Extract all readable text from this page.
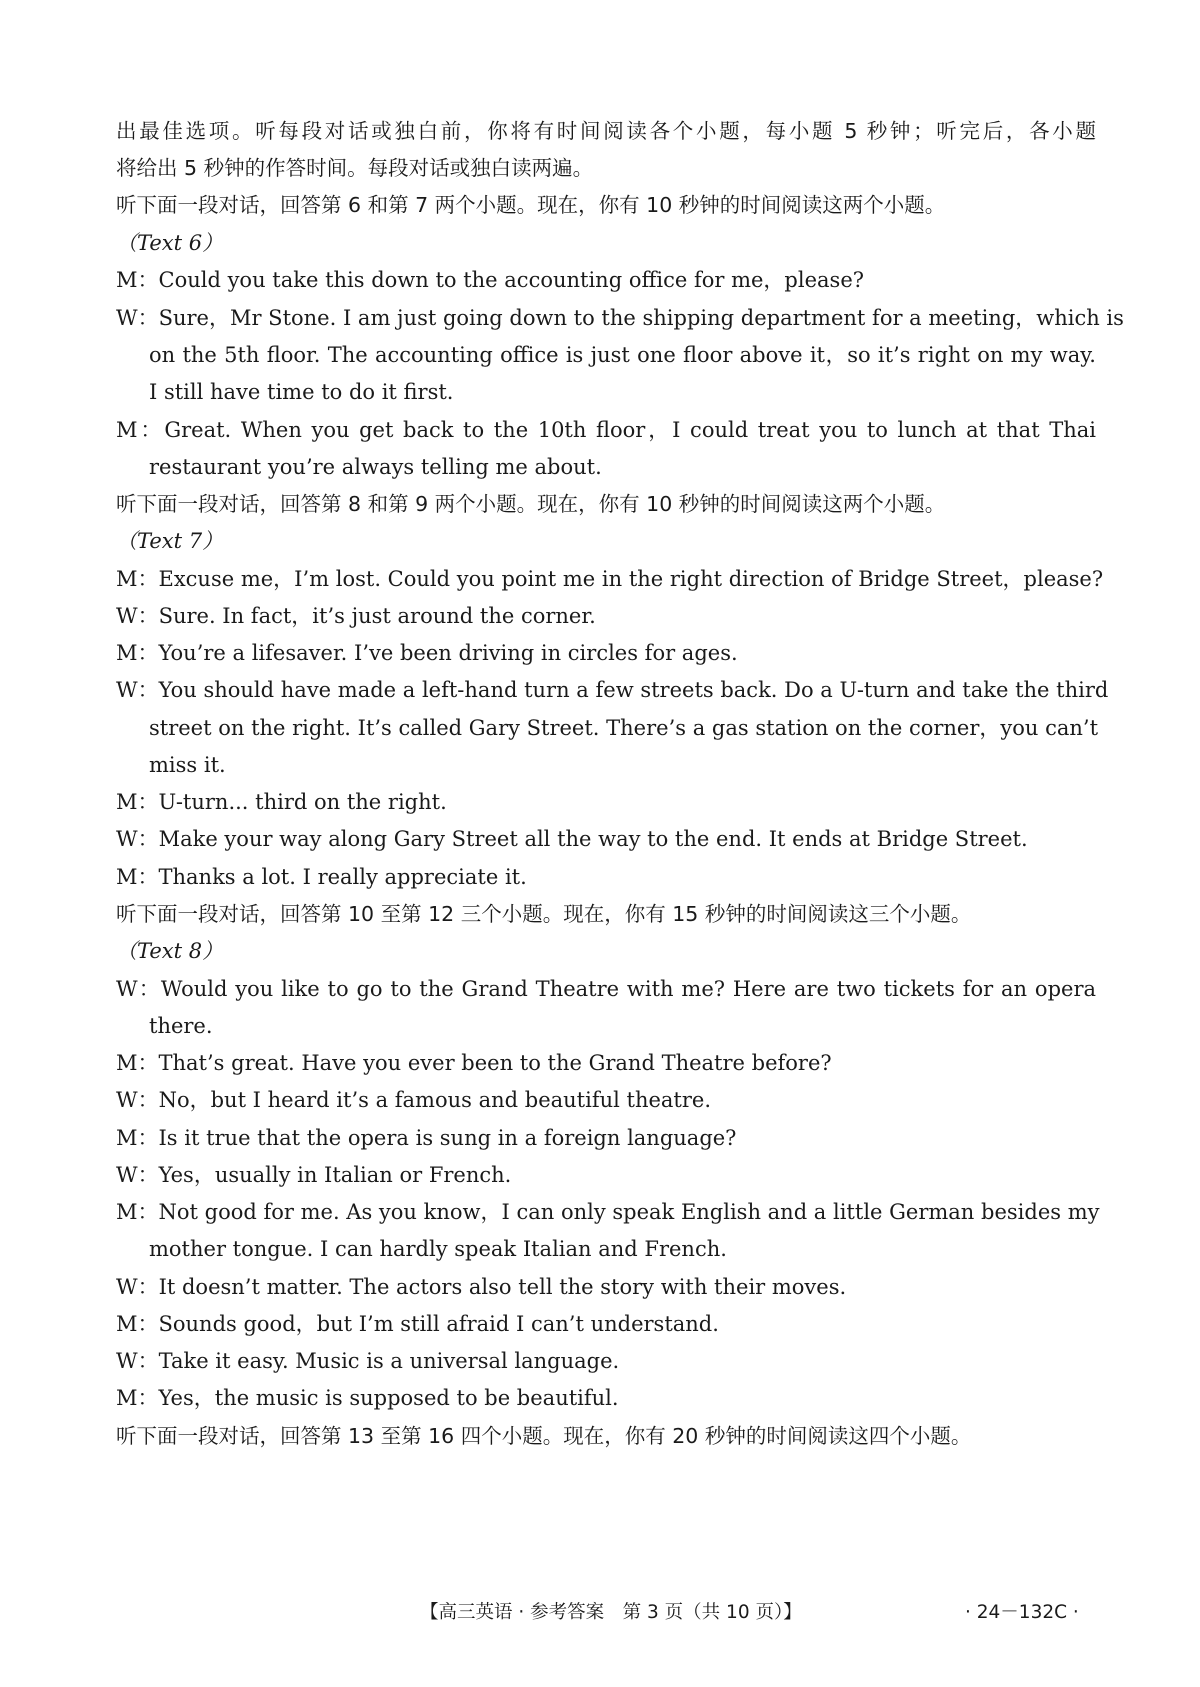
出最佳选项。听每段对话或独白前，你将有时间阅读各个小题，每小题 5 秒钟；听完后，各小题
将给出 5 秒钟的作答时间。每段对话或独白读两遍。
听下面一段对话，回答第 6 和第 7 两个小题。现在，你有 10 秒钟的时间阅读这两个小题。
（Text 6）
M：Could you take this down to the accounting office for me，please?
W：Sure，Mr Stone. I am just going down to the shipping department for a meeting，which is
on the 5th floor. The accounting office is just one floor above it，so it’s right on my way.
I still have time to do it first.
M：Great. When you get back to the 10th floor，I could treat you to lunch at that Thai
restaurant you’re always telling me about.
听下面一段对话，回答第 8 和第 9 两个小题。现在，你有 10 秒钟的时间阅读这两个小题。
（Text 7）
M：Excuse me，I’m lost. Could you point me in the right direction of Bridge Street，please?
W：Sure. In fact，it’s just around the corner.
M：You’re a lifesaver. I’ve been driving in circles for ages.
W：You should have made a left-hand turn a few streets back. Do a U-turn and take the third
street on the right. It’s called Gary Street. There’s a gas station on the corner，you can’t
miss it.
M：U-turn... third on the right.
W：Make your way along Gary Street all the way to the end. It ends at Bridge Street.
M：Thanks a lot. I really appreciate it.
听下面一段对话，回答第 10 至第 12 三个小题。现在，你有 15 秒钟的时间阅读这三个小题。
（Text 8）
W：Would you like to go to the Grand Theatre with me? Here are two tickets for an opera
there.
M：That’s great. Have you ever been to the Grand Theatre before?
W：No，but I heard it’s a famous and beautiful theatre.
M：Is it true that the opera is sung in a foreign language?
W：Yes，usually in Italian or French.
M：Not good for me. As you know，I can only speak English and a little German besides my
mother tongue. I can hardly speak Italian and French.
W：It doesn’t matter. The actors also tell the story with their moves.
M：Sounds good，but I’m still afraid I can’t understand.
W：Take it easy. Music is a universal language.
M：Yes，the music is supposed to be beautiful.
听下面一段对话，回答第 13 至第 16 四个小题。现在，你有 20 秒钟的时间阅读这四个小题。
【高三英语 · 参考答案　第 3 页（共 10 页）】	· 24－132C ·
